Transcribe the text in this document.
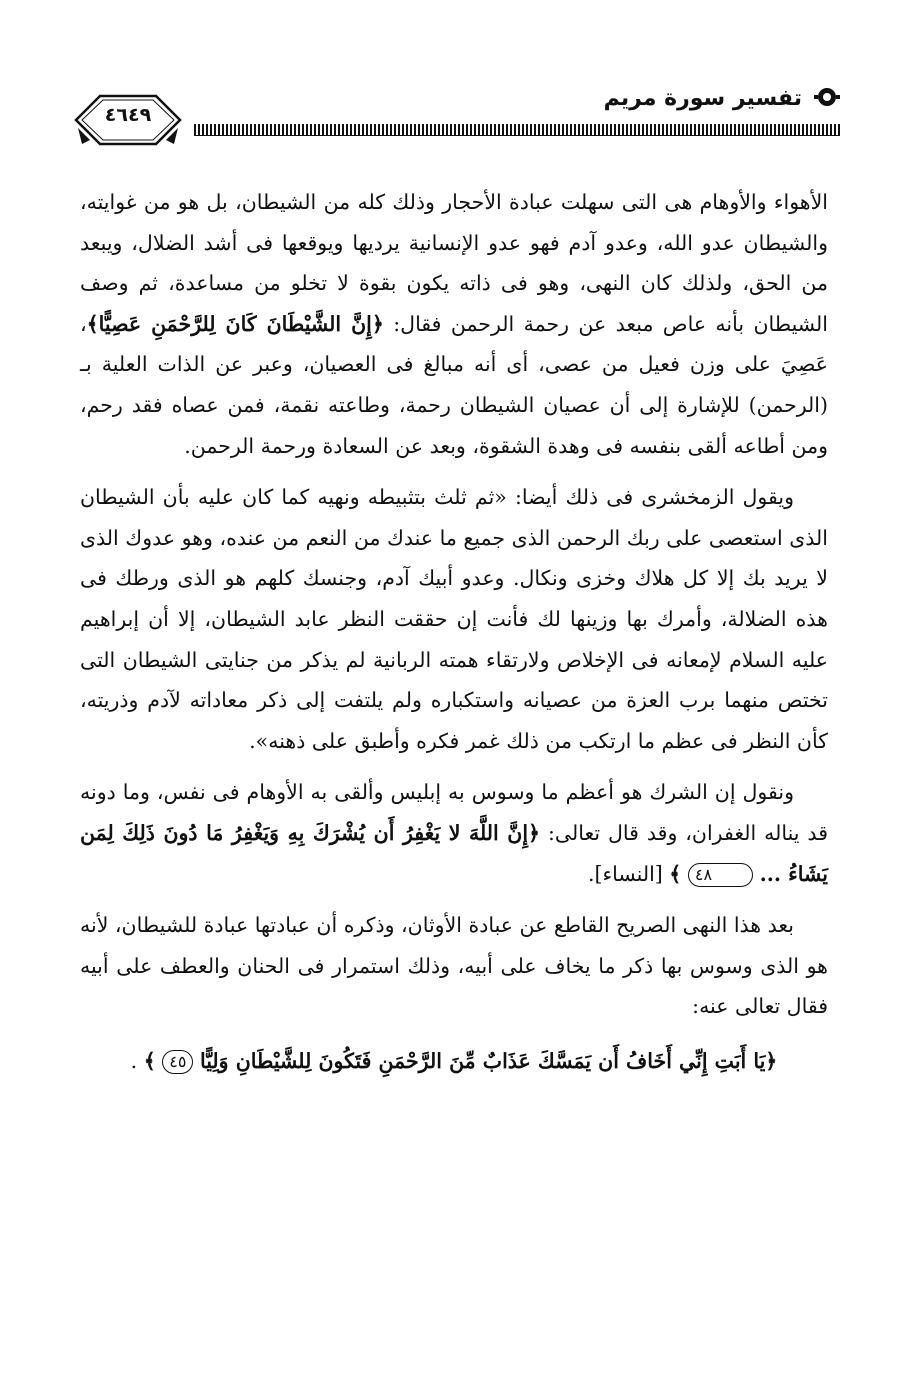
٤٦٤٩
تفسير سورة مريم

الأهواء والأوهام هى التى سهلت عبادة الأحجار وذلك كله من الشيطان، بل هو من غوايته، والشيطان عدو الله، وعدو آدم فهو عدو الإنسانية يرديها ويوقعها فى أشد الضلال، ويبعد من الحق، ولذلك كان النهى، وهو فى ذاته يكون بقوة لا تخلو من مساعدة، ثم وصف الشيطان بأنه عاص مبعد عن رحمة الرحمن فقال: ﴿إِنَّ الشَّيْطَانَ كَانَ لِلرَّحْمَنِ عَصِيًّا﴾، عَصِيَ على وزن فعيل من عصى، أى أنه مبالغ فى العصيان، وعبر عن الذات العلية بـ (الرحمن) للإشارة إلى أن عصيان الشيطان رحمة، وطاعته نقمة، فمن عصاه فقد رحم، ومن أطاعه ألقى بنفسه فى وهدة الشقوة، وبعد عن السعادة ورحمة الرحمن.

ويقول الزمخشرى فى ذلك أيضا: «ثم ثلث بتثبيطه ونهيه كما كان عليه بأن الشيطان الذى استعصى على ربك الرحمن الذى جميع ما عندك من النعم من عنده، وهو عدوك الذى لا يريد بك إلا كل هلاك وخزى ونكال. وعدو أبيك آدم، وجنسك كلهم هو الذى ورطك فى هذه الضلالة، وأمرك بها وزينها لك فأنت إن حققت النظر عابد الشيطان، إلا أن إبراهيم عليه السلام لإمعانه فى الإخلاص ولارتقاء همته الربانية لم يذكر من جنايتى الشيطان التى تختص منهما برب العزة من عصيانه واستكباره ولم يلتفت إلى ذكر معاداته لآدم وذريته، كأن النظر فى عظم ما ارتكب من ذلك غمر فكره وأطبق على ذهنه».

ونقول إن الشرك هو أعظم ما وسوس به إبليس وألقى به الأوهام فى نفس، وما دونه قد يناله الغفران، وقد قال تعالى: ﴿إِنَّ اللَّهَ لا يَغْفِرُ أَن يُشْرَكَ بِهِ وَيَغْفِرُ مَا دُونَ ذَلِكَ لِمَن يَشَاءُ ... ٤٨ ﴾ [النساء].

بعد هذا النهى الصريح القاطع عن عبادة الأوثان، وذكره أن عبادتها عبادة للشيطان، لأنه هو الذى وسوس بها ذكر ما يخاف على أبيه، وذلك استمرار فى الحنان والعطف على أبيه فقال تعالى عنه:

﴿يَا أَبَتِ إِنِّي أَخَافُ أَن يَمَسَّكَ عَذَابٌ مِّنَ الرَّحْمَنِ فَتَكُونَ لِلشَّيْطَانِ وَلِيًّا ٤٥ ﴾ .
